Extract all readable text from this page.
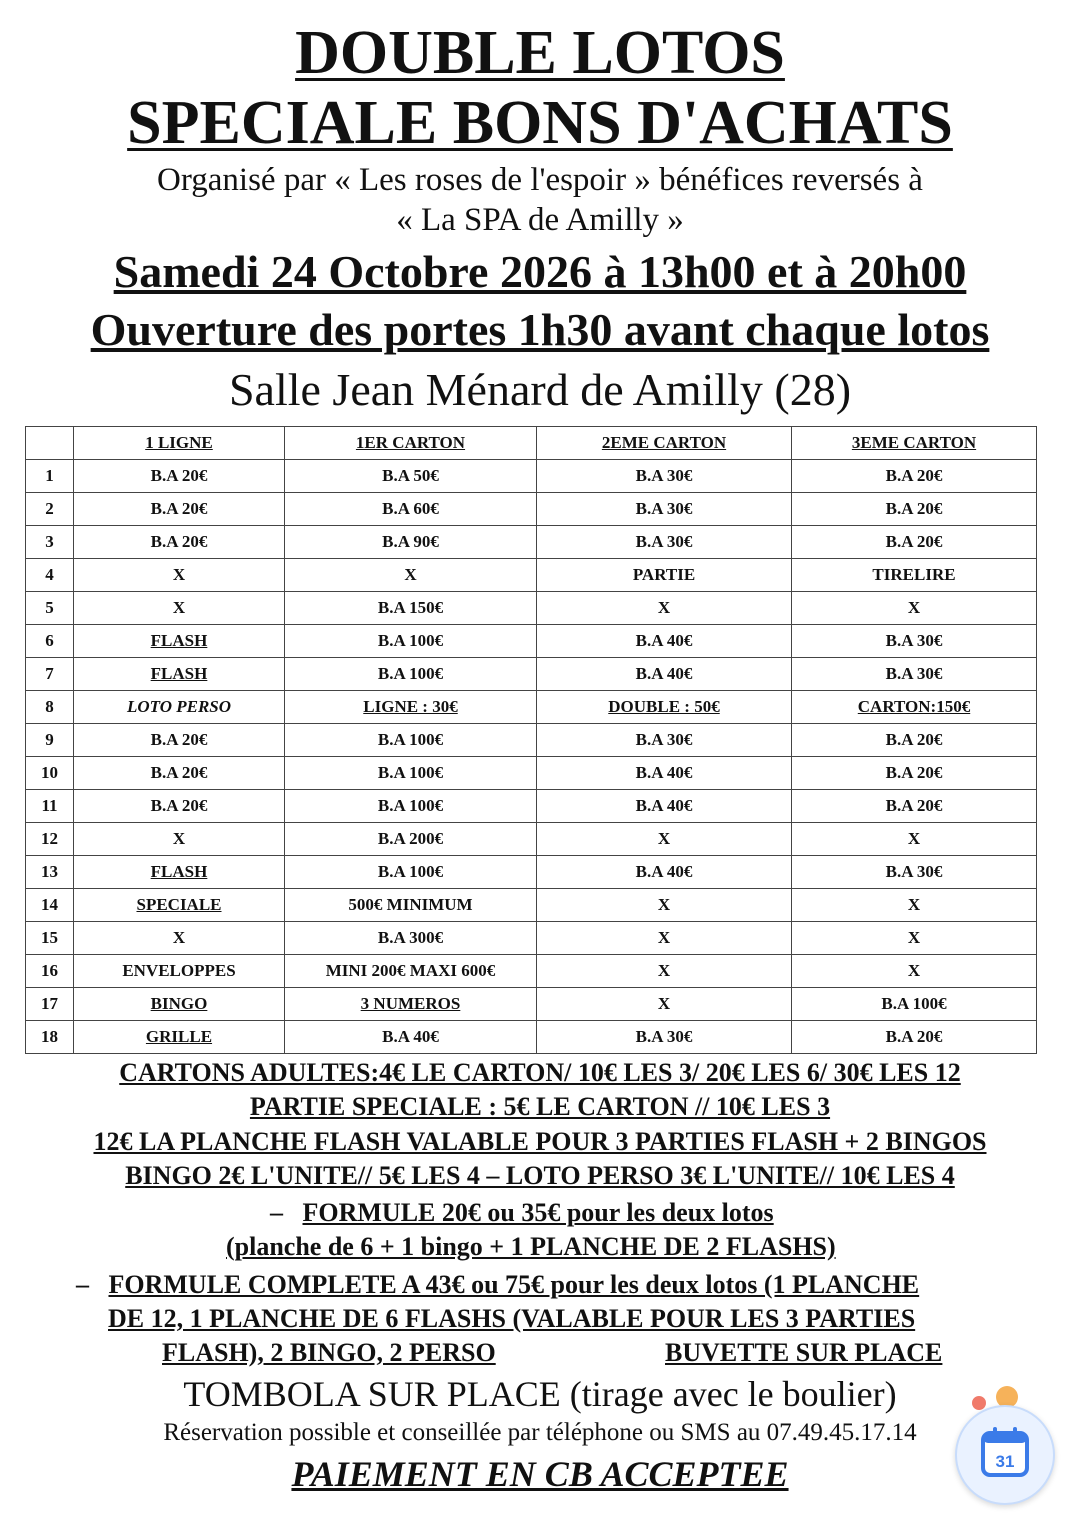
DOUBLE LOTOS
SPECIALE BONS D'ACHATS
Organisé par « Les roses de l'espoir » bénéfices reversés à
« La SPA de Amilly »
Samedi 24 Octobre 2026 à 13h00 et à 20h00
Ouverture des portes 1h30 avant chaque lotos
Salle Jean Ménard de Amilly (28)
	1 LIGNE	1ER CARTON	2EME CARTON	3EME CARTON
1	B.A 20€	B.A 50€	B.A 30€	B.A 20€
2	B.A 20€	B.A 60€	B.A 30€	B.A 20€
3	B.A 20€	B.A 90€	B.A 30€	B.A 20€
4	X	X	PARTIE	TIRELIRE
5	X	B.A 150€	X	X
6	FLASH	B.A 100€	B.A 40€	B.A 30€
7	FLASH	B.A 100€	B.A 40€	B.A 30€
8	LOTO PERSO	LIGNE : 30€	DOUBLE : 50€	CARTON:150€
9	B.A 20€	B.A 100€	B.A 30€	B.A 20€
10	B.A 20€	B.A 100€	B.A 40€	B.A 20€
11	B.A 20€	B.A 100€	B.A 40€	B.A 20€
12	X	B.A 200€	X	X
13	FLASH	B.A 100€	B.A 40€	B.A 30€
14	SPECIALE	500€ MINIMUM	X	X
15	X	B.A 300€	X	X
16	ENVELOPPES	MINI 200€ MAXI 600€	X	X
17	BINGO	3 NUMEROS	X	B.A 100€
18	GRILLE	B.A 40€	B.A 30€	B.A 20€
CARTONS ADULTES:4€ LE CARTON/ 10€ LES 3/ 20€ LES 6/ 30€ LES 12
PARTIE SPECIALE : 5€ LE CARTON // 10€ LES 3
12€ LA PLANCHE FLASH VALABLE POUR 3 PARTIES FLASH + 2 BINGOS
BINGO 2€ L'UNITE// 5€ LES 4 – LOTO PERSO 3€ L'UNITE// 10€ LES 4
– FORMULE 20€ ou 35€ pour les deux lotos
(planche de 6 + 1 bingo + 1 PLANCHE DE 2 FLASHS)
– FORMULE COMPLETE A 43€ ou 75€ pour les deux lotos (1 PLANCHE
DE 12, 1 PLANCHE DE 6 FLASHS (VALABLE POUR LES 3 PARTIES
FLASH), 2 BINGO, 2 PERSO	BUVETTE SUR PLACE
TOMBOLA SUR PLACE (tirage avec le boulier)
Réservation possible et conseillée par téléphone ou SMS au 07.49.45.17.14
PAIEMENT EN CB ACCEPTEE	31
